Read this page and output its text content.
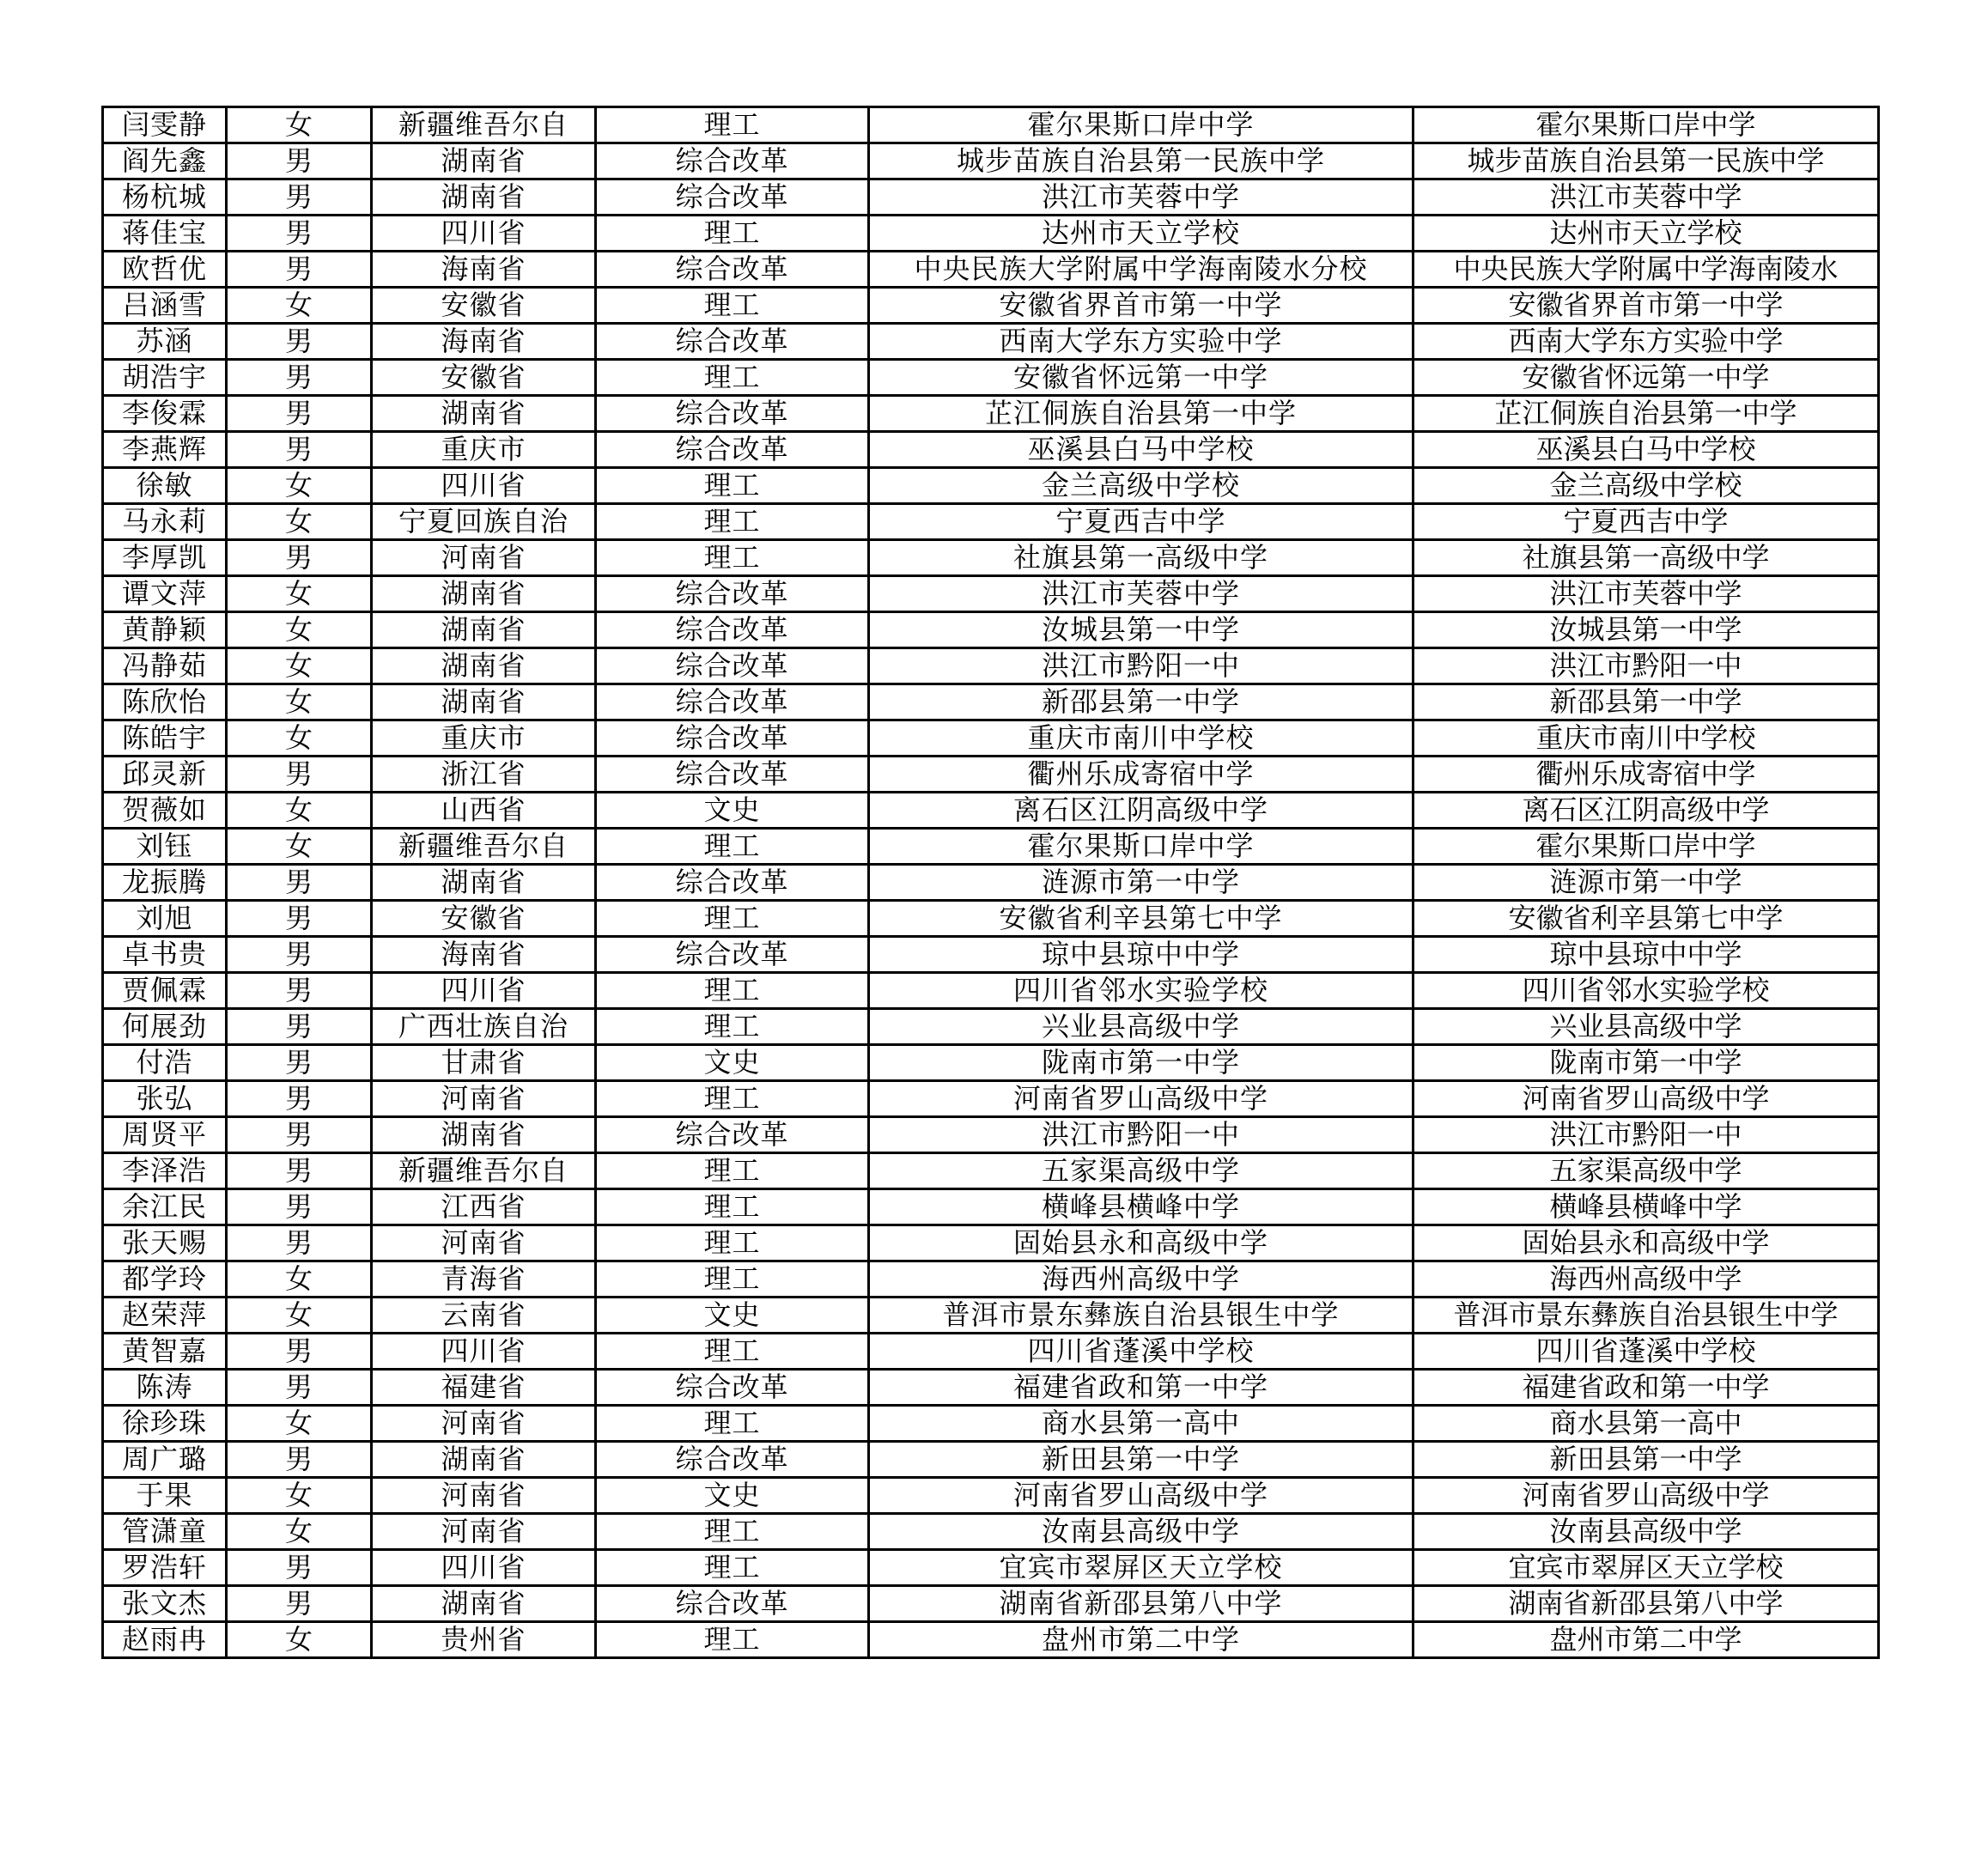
闫雯静	女	新疆维吾尔自	理工	霍尔果斯口岸中学	霍尔果斯口岸中学
阎先鑫	男	湖南省	综合改革	城步苗族自治县第一民族中学	城步苗族自治县第一民族中学
杨杭城	男	湖南省	综合改革	洪江市芙蓉中学	洪江市芙蓉中学
蒋佳宝	男	四川省	理工	达州市天立学校	达州市天立学校
欧哲优	男	海南省	综合改革	中央民族大学附属中学海南陵水分校	中央民族大学附属中学海南陵水
吕涵雪	女	安徽省	理工	安徽省界首市第一中学	安徽省界首市第一中学
苏涵	男	海南省	综合改革	西南大学东方实验中学	西南大学东方实验中学
胡浩宇	男	安徽省	理工	安徽省怀远第一中学	安徽省怀远第一中学
李俊霖	男	湖南省	综合改革	芷江侗族自治县第一中学	芷江侗族自治县第一中学
李燕辉	男	重庆市	综合改革	巫溪县白马中学校	巫溪县白马中学校
徐敏	女	四川省	理工	金兰高级中学校	金兰高级中学校
马永莉	女	宁夏回族自治	理工	宁夏西吉中学	宁夏西吉中学
李厚凯	男	河南省	理工	社旗县第一高级中学	社旗县第一高级中学
谭文萍	女	湖南省	综合改革	洪江市芙蓉中学	洪江市芙蓉中学
黄静颖	女	湖南省	综合改革	汝城县第一中学	汝城县第一中学
冯静茹	女	湖南省	综合改革	洪江市黔阳一中	洪江市黔阳一中
陈欣怡	女	湖南省	综合改革	新邵县第一中学	新邵县第一中学
陈皓宇	女	重庆市	综合改革	重庆市南川中学校	重庆市南川中学校
邱灵新	男	浙江省	综合改革	衢州乐成寄宿中学	衢州乐成寄宿中学
贺薇如	女	山西省	文史	离石区江阴高级中学	离石区江阴高级中学
刘钰	女	新疆维吾尔自	理工	霍尔果斯口岸中学	霍尔果斯口岸中学
龙振腾	男	湖南省	综合改革	涟源市第一中学	涟源市第一中学
刘旭	男	安徽省	理工	安徽省利辛县第七中学	安徽省利辛县第七中学
卓书贵	男	海南省	综合改革	琼中县琼中中学	琼中县琼中中学
贾佩霖	男	四川省	理工	四川省邻水实验学校	四川省邻水实验学校
何展劲	男	广西壮族自治	理工	兴业县高级中学	兴业县高级中学
付浩	男	甘肃省	文史	陇南市第一中学	陇南市第一中学
张弘	男	河南省	理工	河南省罗山高级中学	河南省罗山高级中学
周贤平	男	湖南省	综合改革	洪江市黔阳一中	洪江市黔阳一中
李泽浩	男	新疆维吾尔自	理工	五家渠高级中学	五家渠高级中学
余江民	男	江西省	理工	横峰县横峰中学	横峰县横峰中学
张天赐	男	河南省	理工	固始县永和高级中学	固始县永和高级中学
都学玲	女	青海省	理工	海西州高级中学	海西州高级中学
赵荣萍	女	云南省	文史	普洱市景东彝族自治县银生中学	普洱市景东彝族自治县银生中学
黄智嘉	男	四川省	理工	四川省蓬溪中学校	四川省蓬溪中学校
陈涛	男	福建省	综合改革	福建省政和第一中学	福建省政和第一中学
徐珍珠	女	河南省	理工	商水县第一高中	商水县第一高中
周广璐	男	湖南省	综合改革	新田县第一中学	新田县第一中学
于果	女	河南省	文史	河南省罗山高级中学	河南省罗山高级中学
管潇童	女	河南省	理工	汝南县高级中学	汝南县高级中学
罗浩轩	男	四川省	理工	宜宾市翠屏区天立学校	宜宾市翠屏区天立学校
张文杰	男	湖南省	综合改革	湖南省新邵县第八中学	湖南省新邵县第八中学
赵雨冉	女	贵州省	理工	盘州市第二中学	盘州市第二中学
